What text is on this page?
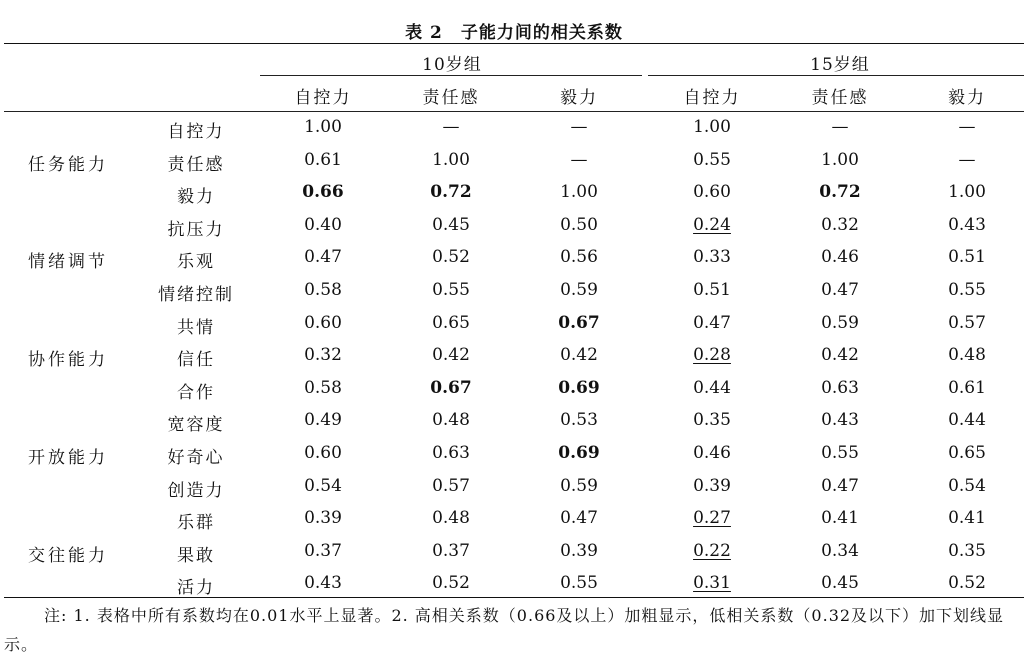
表 2　子能力间的相关系数
10岁组	15岁组
自控力	责任感	毅力	自控力	责任感	毅力
任务能力
自控力	1.00	—	—	1.00	—	—
责任感	0.61	1.00	—	0.55	1.00	—
毅力	0.66	0.72	1.00	0.60	0.72	1.00
情绪调节
抗压力	0.40	0.45	0.50	0.24	0.32	0.43
乐观	0.47	0.52	0.56	0.33	0.46	0.51
情绪控制	0.58	0.55	0.59	0.51	0.47	0.55
协作能力
共情	0.60	0.65	0.67	0.47	0.59	0.57
信任	0.32	0.42	0.42	0.28	0.42	0.48
合作	0.58	0.67	0.69	0.44	0.63	0.61
开放能力
宽容度	0.49	0.48	0.53	0.35	0.43	0.44
好奇心	0.60	0.63	0.69	0.46	0.55	0.65
创造力	0.54	0.57	0.59	0.39	0.47	0.54
交往能力
乐群	0.39	0.48	0.47	0.27	0.41	0.41
果敢	0.37	0.37	0.39	0.22	0.34	0.35
活力	0.43	0.52	0.55	0.31	0.45	0.52
注: 1. 表格中所有系数均在0.01水平上显著。2. 高相关系数（0.66及以上）加粗显示，低相关系数（0.32及以下）加下划线显示。
